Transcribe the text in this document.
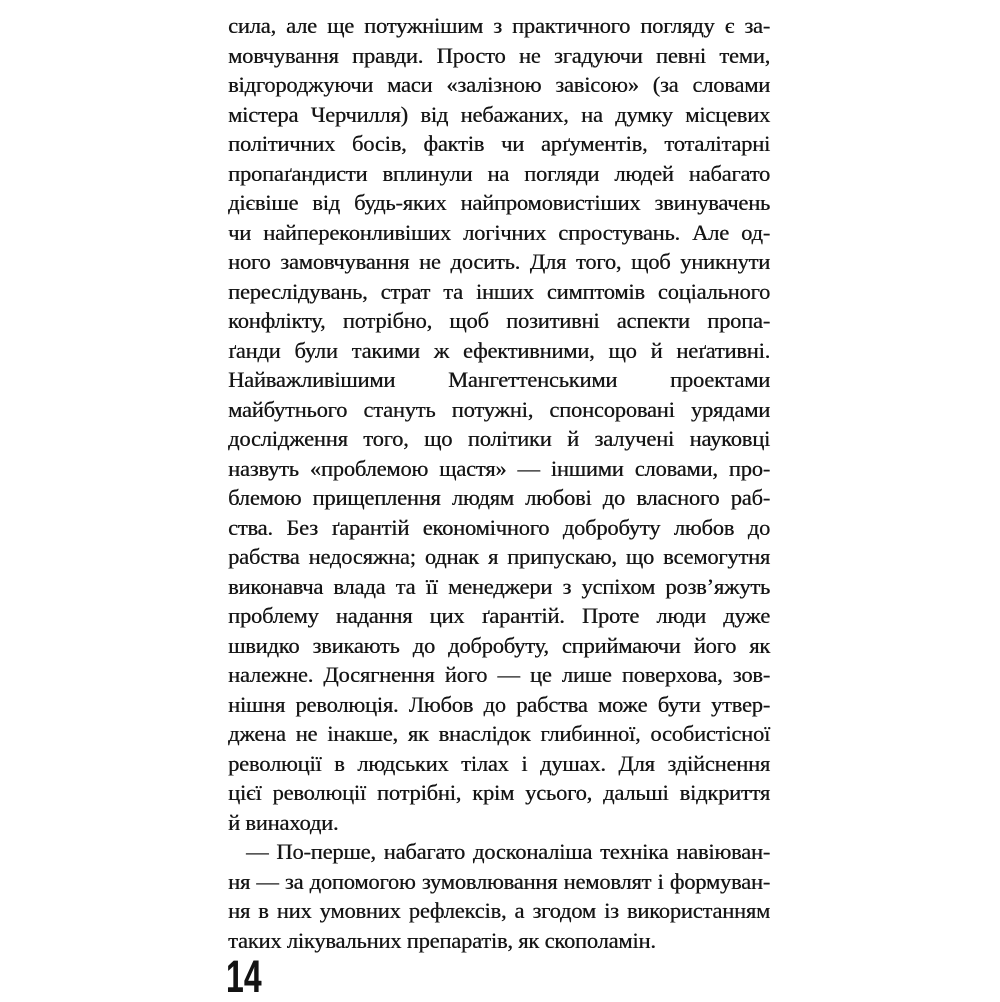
сила, але ще потужнішим з практичного погляду є за-
мовчування правди. Просто не згадуючи певні теми,
відгороджуючи маси «залізною завісою» (за словами
містера Черчилля) від небажаних, на думку місцевих
політичних босів, фактів чи арґументів, тоталітарні
пропаґандисти вплинули на погляди людей набагато
дієвіше від будь-яких найпромовистіших звинувачень
чи найпереконливіших логічних спростувань. Але од-
ного замовчування не досить. Для того, щоб уникнути
переслідувань, страт та інших симптомів соціального
конфлікту, потрібно, щоб позитивні аспекти пропа-
ґанди були такими ж ефективними, що й неґативні.
Найважливішими Мангеттенськими проектами
майбутнього стануть потужні, спонсоровані урядами
дослідження того, що політики й залучені науковці
назвуть «проблемою щастя» — іншими словами, про-
блемою прищеплення людям любові до власного раб-
ства. Без ґарантій економічного добробуту любов до
рабства недосяжна; однак я припускаю, що всемогутня
виконавча влада та її менеджери з успіхом розв’яжуть
проблему надання цих ґарантій. Проте люди дуже
швидко звикають до добробуту, сприймаючи його як
належне. Досягнення його — це лише поверхова, зов-
нішня революція. Любов до рабства може бути утвер-
джена не інакше, як внаслідок глибинної, особистісної
революції в людських тілах і душах. Для здійснення
цієї революції потрібні, крім усього, дальші відкриття
й винаходи.
— По-перше, набагато досконаліша техніка навіюван-
ня — за допомогою зумовлювання немовлят і формуван-
ня в них умовних рефлексів, а згодом із використанням
таких лікувальних препаратів, як скополамін.
14
